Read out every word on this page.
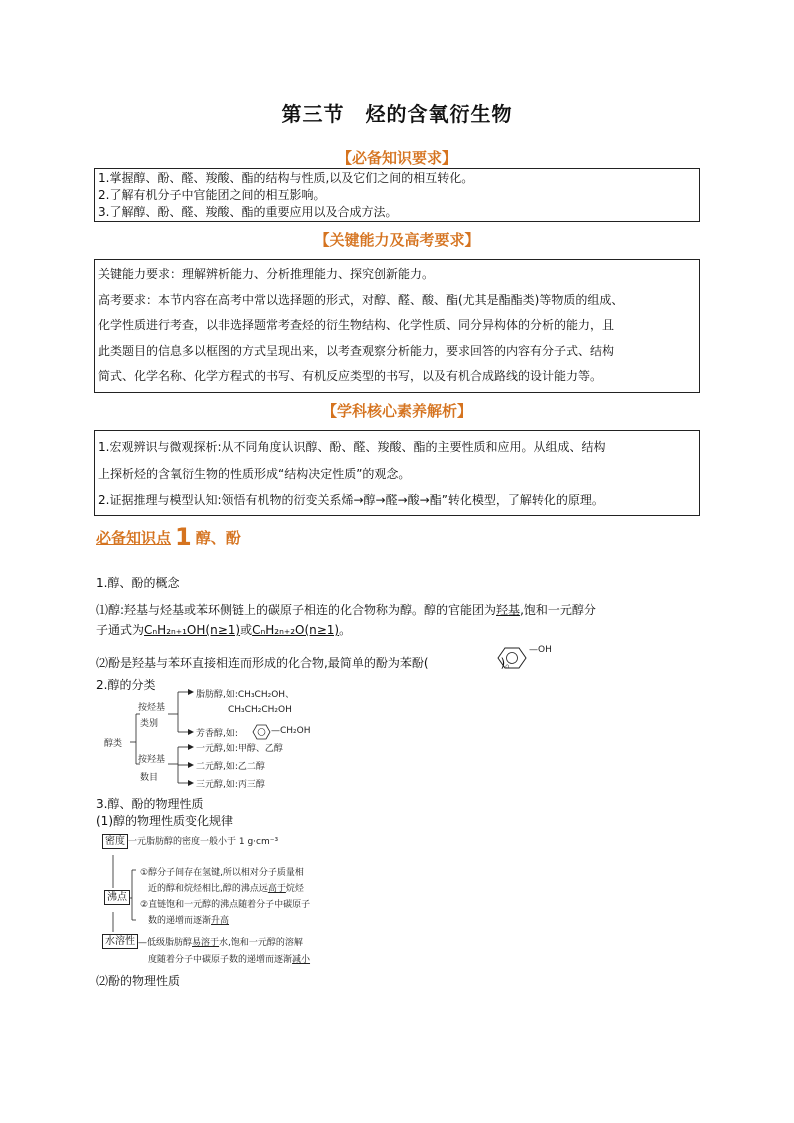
第三节　烃的含氧衍生物
【必备知识要求】

1.掌握醇、酚、醛、羧酸、酯的结构与性质,以及它们之间的相互转化。

2.了解有机分子中官能团之间的相互影响。

3.了解醇、酚、醛、羧酸、酯的重要应用以及合成方法。

【关键能力及高考要求】

关键能力要求：理解辨析能力、分析推理能力、探究创新能力。

高考要求：本节内容在高考中常以选择题的形式，对醇、醛、酸、酯(尤其是酯酯类)等物质的组成、

化学性质进行考查，以非选择题常考查烃的衍生物结构、化学性质、同分异构体的分析的能力，且

此类题目的信息多以框图的方式呈现出来，以考查观察分析能力，要求回答的内容有分子式、结构

简式、化学名称、化学方程式的书写、有机反应类型的书写，以及有机合成路线的设计能力等。

【学科核心素养解析】

1.宏观辨识与微观探析:从不同角度认识醇、酚、醛、羧酸、酯的主要性质和应用。从组成、结构

上探析烃的含氧衍生物的性质形成“结构决定性质”的观念。

2.证据推理与模型认知:领悟有机物的衍变关系烯→醇→醛→酸→酯”转化模型，了解转化的原理。

必备知识点 1 醇、酚
1.醇、酚的概念
⑴醇:羟基与烃基或苯环侧链上的碳原子相连的化合物称为醇。醇的官能团为羟基,饱和一元醇分
子通式为CₙH₂ₙ₊₁OH(n≥1)或CₙH₂ₙ₊₂O(n≥1)。
⑵酚是羟基与苯环直接相连而形成的化合物,最简单的酚为苯酚(	)。
—OH
2.醇的分类
醇类
按烃基
类别
按羟基
数目
脂肪醇,如:CH₃CH₂OH、
CH₃CH₂CH₂OH
芳香醇,如:	—CH₂OH
一元醇,如:甲醇、乙醇
二元醇,如:乙二醇
三元醇,如:丙三醇
3.醇、酚的物理性质
(1)醇的物理性质变化规律
密度 一元脂肪醇的密度一般小于 1 g·cm⁻³
沸点
①醇分子间存在氢键,所以相对分子质量相
近的醇和烷烃相比,醇的沸点远高于烷烃
②直链饱和一元醇的沸点随着分子中碳原子
数的递增而逐渐升高
水溶性 —低级脂肪醇易溶于水,饱和一元醇的溶解
度随着分子中碳原子数的递增而逐渐减小
⑵酚的物理性质
